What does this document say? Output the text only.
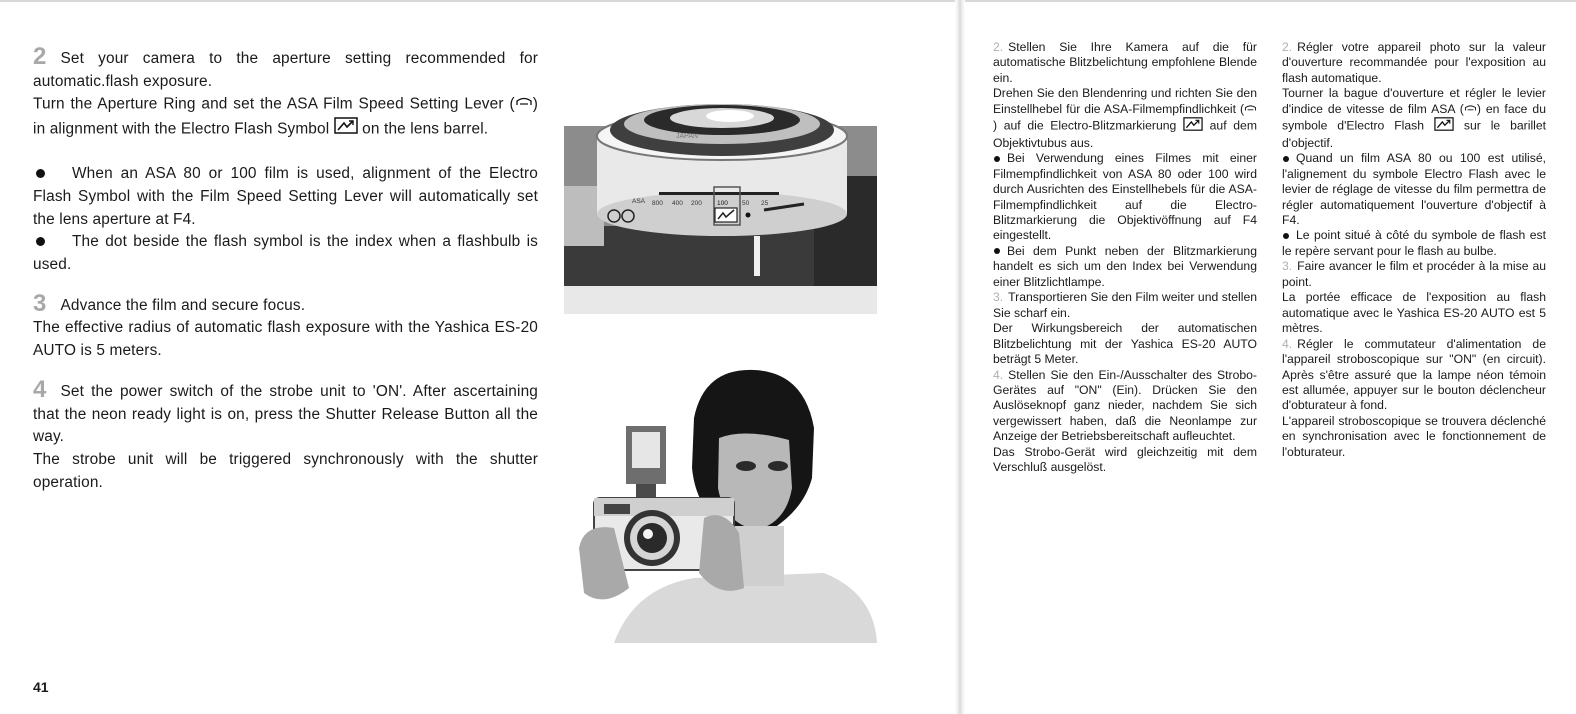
2 Set your camera to the aperture setting recommended for automatic.flash exposure.

Turn the Aperture Ring and set the ASA Film Speed Setting Lever ( ) in alignment with the Electro Flash Symbol on the lens barrel.

When an ASA 80 or 100 film is used, alignment of the Electro Flash Symbol with the Film Speed Setting Lever will automatically set the lens aperture at F4.

The dot beside the flash symbol is the index when a flashbulb is used.

3 Advance the film and secure focus.

The effective radius of automatic flash exposure with the Yashica ES-20 AUTO is 5 meters.

4 Set the power switch of the strobe unit to 'ON'. After ascertaining that the neon ready light is on, press the Shutter Release Button all the way.

The strobe unit will be triggered synchronously with the shutter operation.

41
JAPAN
ASA 800 400 200 100 50 25

2. Stellen Sie Ihre Kamera auf die für automatische Blitzbelichtung empfohlene Blende ein.

Drehen Sie den Blendenring und richten Sie den Einstellhebel für die ASA-Filmempfindlichkeit () auf die Electro-Blitzmarkierung	auf dem Objektivtubus aus.

Bei Verwendung eines Filmes mit einer Filmempfindlichkeit von ASA 80 oder 100 wird durch Ausrichten des Einstellhebels für die ASA-Filmempfindlichkeit auf die Electro-Blitzmarkierung die Objektivöffnung auf F4 eingestellt.

Bei dem Punkt neben der Blitzmarkierung handelt es sich um den Index bei Verwendung einer Blitzlichtlampe.

3. Transportieren Sie den Film weiter und stellen Sie scharf ein.

Der Wirkungsbereich der automatischen Blitzbelichtung mit der Yashica ES-20 AUTO beträgt 5 Meter.

4. Stellen Sie den Ein-/Ausschalter des Strobo-Gerätes auf "ON" (Ein). Drücken Sie den Auslöseknopf ganz nieder, nachdem Sie sich vergewissert haben, daß die Neonlampe zur Anzeige der Betriebsbereitschaft aufleuchtet.

Das Strobo-Gerät wird gleichzeitig mit dem Verschluß ausgelöst.

2. Régler votre appareil photo sur la valeur d'ouverture recommandée pour l'exposition au flash automatique.

Tourner la bague d'ouverture et régler le levier d'indice de vitesse de film ASA ( ) en face du symbole d'Electro Flash	sur le barillet d'objectif.

Quand un film ASA 80 ou 100 est utilisé, l'alignement du symbole Electro Flash avec le levier de réglage de vitesse du film permettra de régler automatiquement l'ouverture d'objectif à F4.

Le point situé à côté du symbole de flash est le repère servant pour le flash au bulbe.

3. Faire avancer le film et procéder à la mise au point.

La portée efficace de l'exposition au flash automatique avec le Yashica ES-20 AUTO est 5 mètres.

4. Régler le commutateur d'alimentation de l'appareil stroboscopique sur "ON" (en circuit). Après s'être assuré que la lampe néon témoin est allumée, appuyer sur le bouton déclencheur d'obturateur à fond.

L'appareil stroboscopique se trouvera déclenché en synchronisation avec le fonctionnement de l'obturateur.
